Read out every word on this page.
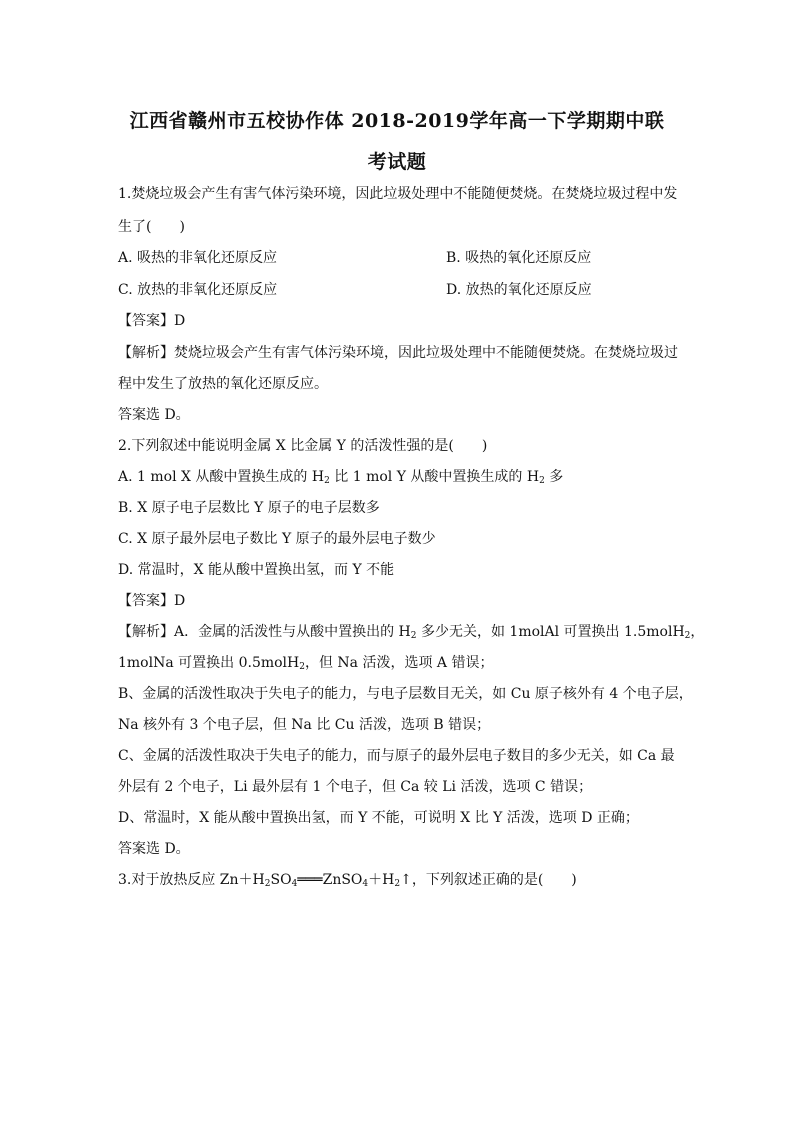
江西省赣州市五校协作体 2018-2019学年高一下学期期中联
考试题
1.焚烧垃圾会产生有害气体污染环境，因此垃圾处理中不能随便焚烧。在焚烧垃圾过程中发
生了(　　)
A. 吸热的非氧化还原反应	B. 吸热的氧化还原反应
C. 放热的非氧化还原反应	D. 放热的氧化还原反应
【答案】D
【解析】焚烧垃圾会产生有害气体污染环境，因此垃圾处理中不能随便焚烧。在焚烧垃圾过
程中发生了放热的氧化还原反应。
答案选 D。
2.下列叙述中能说明金属 X 比金属 Y 的活泼性强的是(　　)
A. 1 mol X 从酸中置换生成的 $H_2$ 比 1 mol Y 从酸中置换生成的 $H_2$ 多
B. X 原子电子层数比 Y 原子的电子层数多
C. X 原子最外层电子数比 Y 原子的最外层电子数少
D. 常温时，X 能从酸中置换出氢，而 Y 不能
【答案】D
【解析】A．金属的活泼性与从酸中置换出的 $H_2$ 多少无关，如 1molAl 可置换出 1.5molH$_2$，
1molNa 可置换出 0.5molH$_2$，但 Na 活泼，选项 A 错误；
B、金属的活泼性取决于失电子的能力，与电子层数目无关，如 Cu 原子核外有 4 个电子层，
Na 核外有 3 个电子层，但 Na 比 Cu 活泼，选项 B 错误；
C、金属的活泼性取决于失电子的能力，而与原子的最外层电子数目的多少无关，如 Ca 最
外层有 2 个电子，Li 最外层有 1 个电子，但 Ca 较 Li 活泼，选项 C 错误；
D、常温时，X 能从酸中置换出氢，而 Y 不能，可说明 X 比 Y 活泼，选项 D 正确；
答案选 D。
3.对于放热反应 $Zn+H_2SO_4═══ZnSO_4+H_2↑$，下列叙述正确的是(　　)
